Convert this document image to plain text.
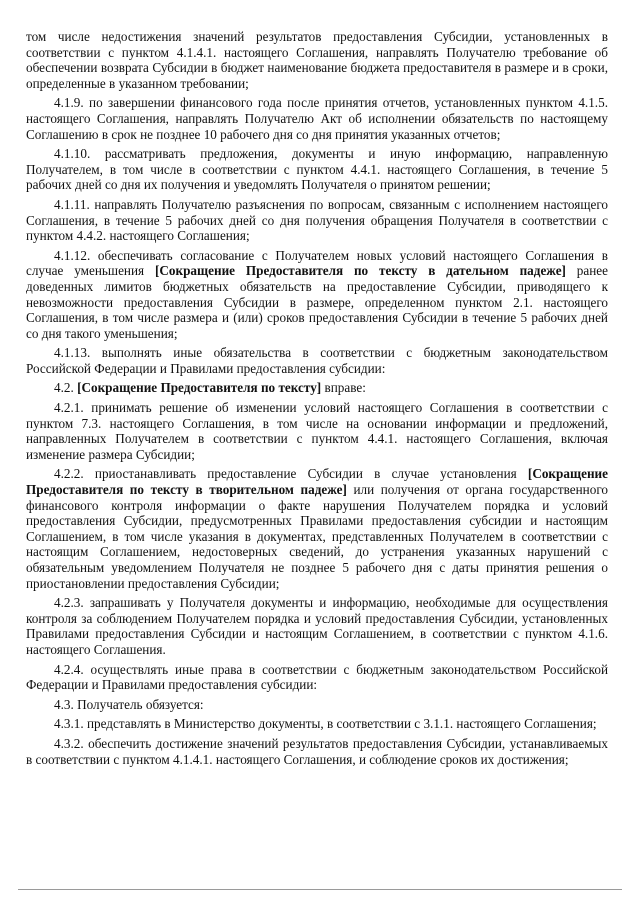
том числе недостижения значений результатов предоставления Субсидии, установленных в соответствии с пунктом 4.1.4.1. настоящего Соглашения, направлять Получателю требование об обеспечении возврата Субсидии в бюджет наименование бюджета предоставителя в размере и в сроки, определенные в указанном требовании;

4.1.9. по завершении финансового года после принятия отчетов, установленных пунктом 4.1.5. настоящего Соглашения, направлять Получателю Акт об исполнении обязательств по настоящему Соглашению в срок не позднее 10 рабочего дня со дня принятия указанных отчетов;

4.1.10. рассматривать предложения, документы и иную информацию, направленную Получателем, в том числе в соответствии с пунктом 4.4.1. настоящего Соглашения, в течение 5 рабочих дней со дня их получения и уведомлять Получателя о принятом решении;

4.1.11. направлять Получателю разъяснения по вопросам, связанным с исполнением настоящего Соглашения, в течение 5 рабочих дней со дня получения обращения Получателя в соответствии с пунктом 4.4.2. настоящего Соглашения;

4.1.12. обеспечивать согласование с Получателем новых условий настоящего Соглашения в случае уменьшения [Сокращение Предоставителя по тексту в дательном падеже] ранее доведенных лимитов бюджетных обязательств на предоставление Субсидии, приводящего к невозможности предоставления Субсидии в размере, определенном пунктом 2.1. настоящего Соглашения, в том числе размера и (или) сроков предоставления Субсидии в течение 5 рабочих дней со дня такого уменьшения;

4.1.13. выполнять иные обязательства в соответствии с бюджетным законодательством Российской Федерации и Правилами предоставления субсидии:

4.2. [Сокращение Предоставителя по тексту] вправе:

4.2.1. принимать решение об изменении условий настоящего Соглашения в соответствии с пунктом 7.3. настоящего Соглашения, в том числе на основании информации и предложений, направленных Получателем в соответствии с пунктом 4.4.1. настоящего Соглашения, включая изменение размера Субсидии;

4.2.2. приостанавливать предоставление Субсидии в случае установления [Сокращение Предоставителя по тексту в творительном падеже] или получения от органа государственного финансового контроля информации о факте нарушения Получателем порядка и условий предоставления Субсидии, предусмотренных Правилами предоставления субсидии и настоящим Соглашением, в том числе указания в документах, представленных Получателем в соответствии с настоящим Соглашением, недостоверных сведений, до устранения указанных нарушений с обязательным уведомлением Получателя не позднее 5 рабочего дня с даты принятия решения о приостановлении предоставления Субсидии;

4.2.3. запрашивать у Получателя документы и информацию, необходимые для осуществления контроля за соблюдением Получателем порядка и условий предоставления Субсидии, установленных Правилами предоставления Субсидии и настоящим Соглашением, в соответствии с пунктом 4.1.6. настоящего Соглашения.

4.2.4. осуществлять иные права в соответствии с бюджетным законодательством Российской Федерации и Правилами предоставления субсидии:

4.3. Получатель обязуется:

4.3.1. представлять в Министерство документы, в соответствии с 3.1.1. настоящего Соглашения;

4.3.2. обеспечить достижение значений результатов предоставления Субсидии, устанавливаемых в соответствии с пунктом 4.1.4.1. настоящего Соглашения, и соблюдение сроков их достижения;
